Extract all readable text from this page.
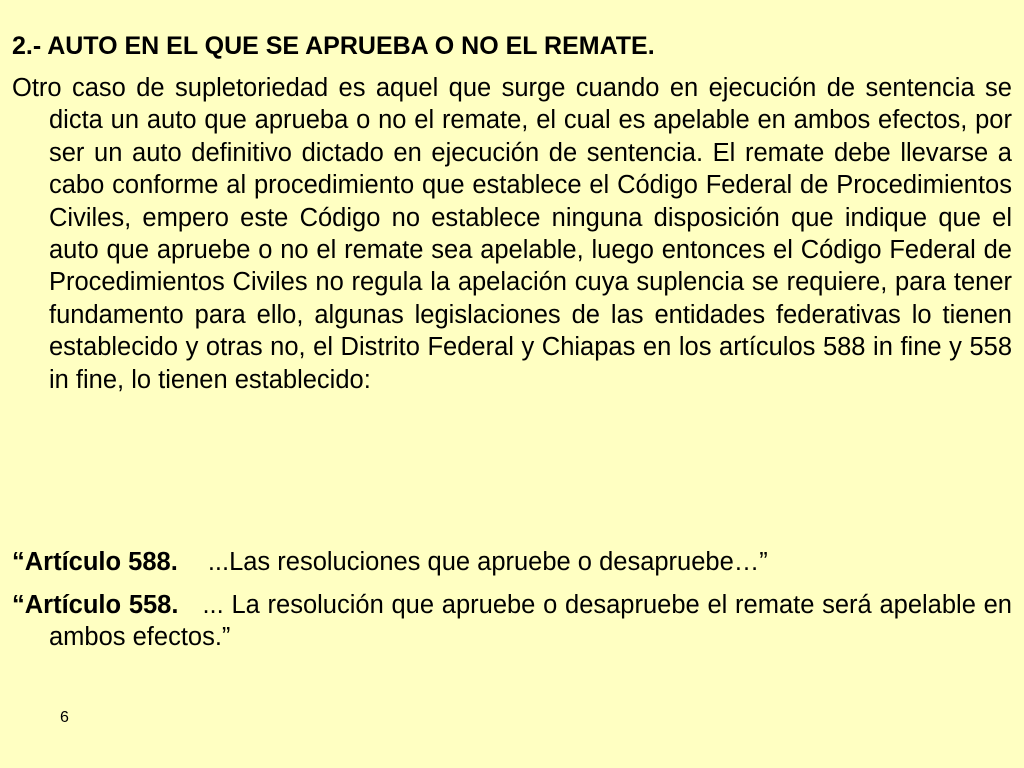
2.- AUTO EN EL QUE SE APRUEBA O NO EL REMATE.

Otro caso de supletoriedad es aquel que surge cuando en ejecución de sentencia se dicta un auto que aprueba o no el remate, el cual es apelable en ambos efectos, por ser un auto definitivo dictado en ejecución de sentencia. El remate debe llevarse a cabo conforme al procedimiento que establece el Código Federal de Procedimientos Civiles, empero este Código no establece ninguna disposición que indique que el auto que apruebe o no el remate sea apelable, luego entonces el Código Federal de Procedimientos Civiles no regula la apelación cuya suplencia se requiere, para tener fundamento para ello, algunas legislaciones de las entidades federativas lo tienen establecido y otras no, el Distrito Federal y Chiapas en los artículos 588 in fine y 558 in fine, lo tienen establecido:

“Artículo 588. ...Las resoluciones que apruebe o desapruebe…”

“Artículo 558. ... La resolución que apruebe o desapruebe el remate será apelable en ambos efectos.”

6
